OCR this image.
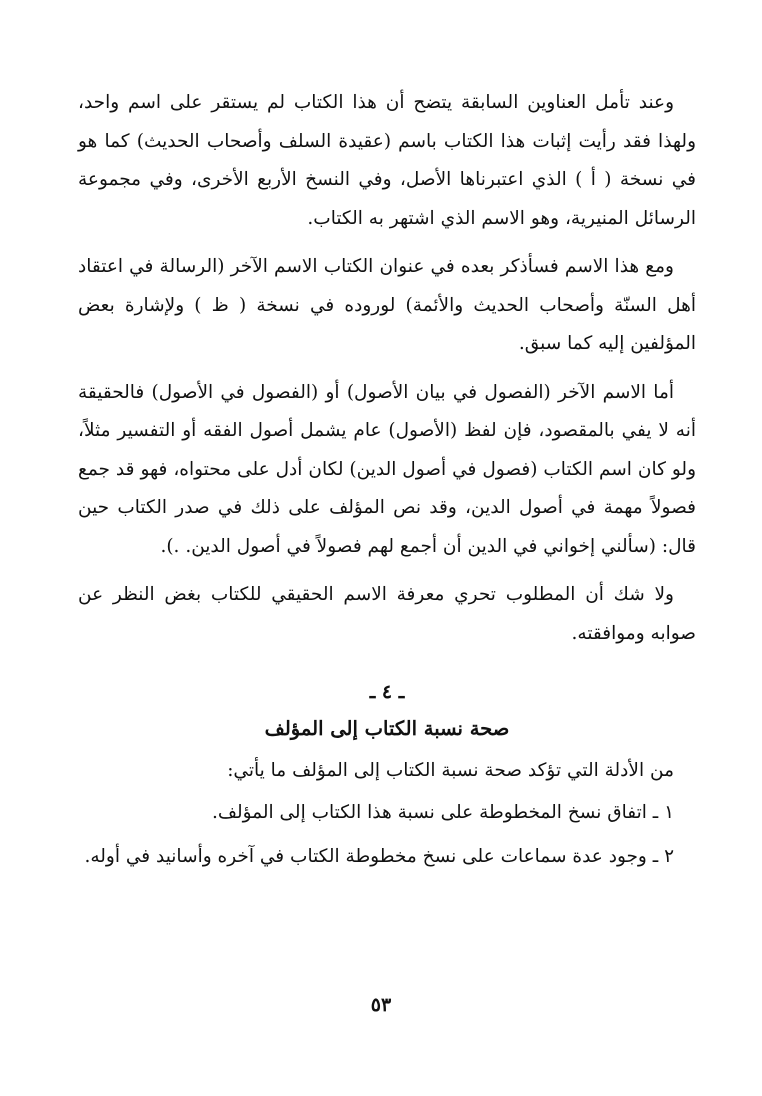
وعند تأمل العناوين السابقة يتضح أن هذا الكتاب لم يستقر على اسم واحد، ولهذا فقد رأيت إثبات هذا الكتاب باسم (عقيدة السلف وأصحاب الحديث) كما هو في نسخة ( أ ) الذي اعتبرناها الأصل، وفي النسخ الأربع الأخرى، وفي مجموعة الرسائل المنيرية، وهو الاسم الذي اشتهر به الكتاب.

ومع هذا الاسم فسأذكر بعده في عنوان الكتاب الاسم الآخر (الرسالة في اعتقاد أهل السنّة وأصحاب الحديث والأئمة) لوروده في نسخة ( ظ ) ولإشارة بعض المؤلفين إليه كما سبق.

أما الاسم الآخر (الفصول في بيان الأصول) أو (الفصول في الأصول) فالحقيقة أنه لا يفي بالمقصود، فإن لفظ (الأصول) عام يشمل أصول الفقه أو التفسير مثلاً، ولو كان اسم الكتاب (فصول في أصول الدين) لكان أدل على محتواه، فهو قد جمع فصولاً مهمة في أصول الدين، وقد نص المؤلف على ذلك في صدر الكتاب حين قال: (سألني إخواني في الدين أن أجمع لهم فصولاً في أصول الدين. .).

ولا شك أن المطلوب تحري معرفة الاسم الحقيقي للكتاب بغض النظر عن صوابه وموافقته.

ـ ٤ ـ
صحة نسبة الكتاب إلى المؤلف

من الأدلة التي تؤكد صحة نسبة الكتاب إلى المؤلف ما يأتي:

١ ـ اتفاق نسخ المخطوطة على نسبة هذا الكتاب إلى المؤلف.

٢ ـ وجود عدة سماعات على نسخ مخطوطة الكتاب في آخره وأسانيد في أوله.

٥٣
